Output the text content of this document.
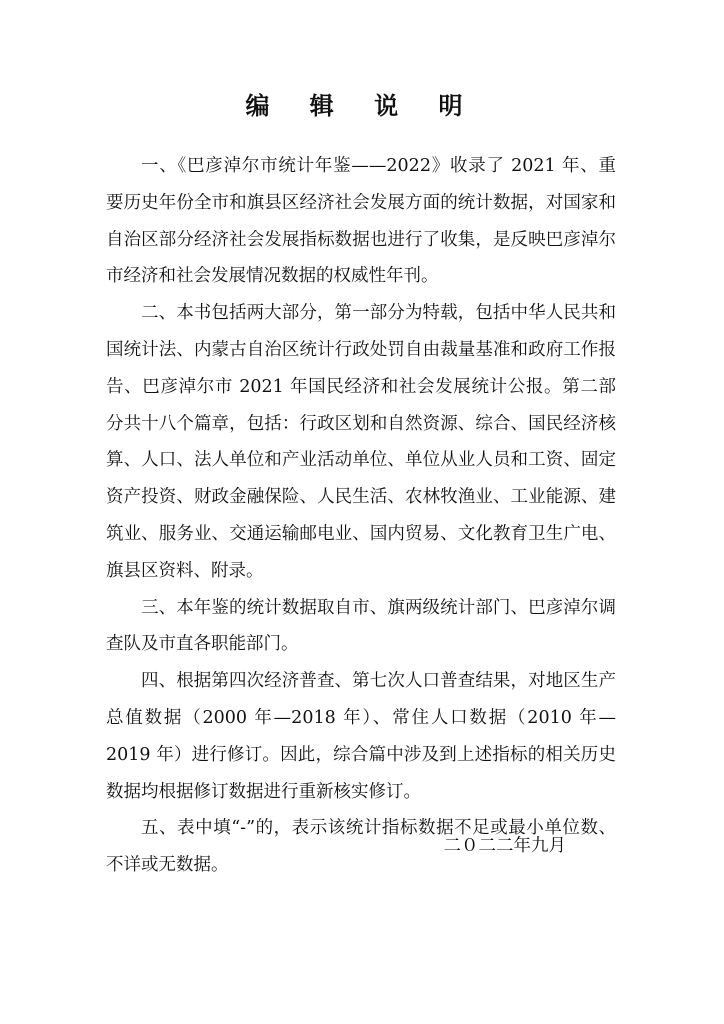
编 辑 说 明

一、《巴彦淖尔市统计年鉴——2022》收录了 2021 年、重要历史年份全市和旗县区经济社会发展方面的统计数据，对国家和自治区部分经济社会发展指标数据也进行了收集，是反映巴彦淖尔市经济和社会发展情况数据的权威性年刊。

二、本书包括两大部分，第一部分为特载，包括中华人民共和国统计法、内蒙古自治区统计行政处罚自由裁量基准和政府工作报告、巴彦淖尔市 2021 年国民经济和社会发展统计公报。第二部分共十八个篇章，包括：行政区划和自然资源、综合、国民经济核算、人口、法人单位和产业活动单位、单位从业人员和工资、固定资产投资、财政金融保险、人民生活、农林牧渔业、工业能源、建筑业、服务业、交通运输邮电业、国内贸易、文化教育卫生广电、旗县区资料、附录。

三、本年鉴的统计数据取自市、旗两级统计部门、巴彦淖尔调查队及市直各职能部门。

四、根据第四次经济普查、第七次人口普查结果，对地区生产总值数据（2000 年—2018 年）、常住人口数据（2010 年—2019 年）进行修订。因此，综合篇中涉及到上述指标的相关历史数据均根据修订数据进行重新核实修订。

五、表中填“-”的，表示该统计指标数据不足或最小单位数、不详或无数据。

二０二二年九月
